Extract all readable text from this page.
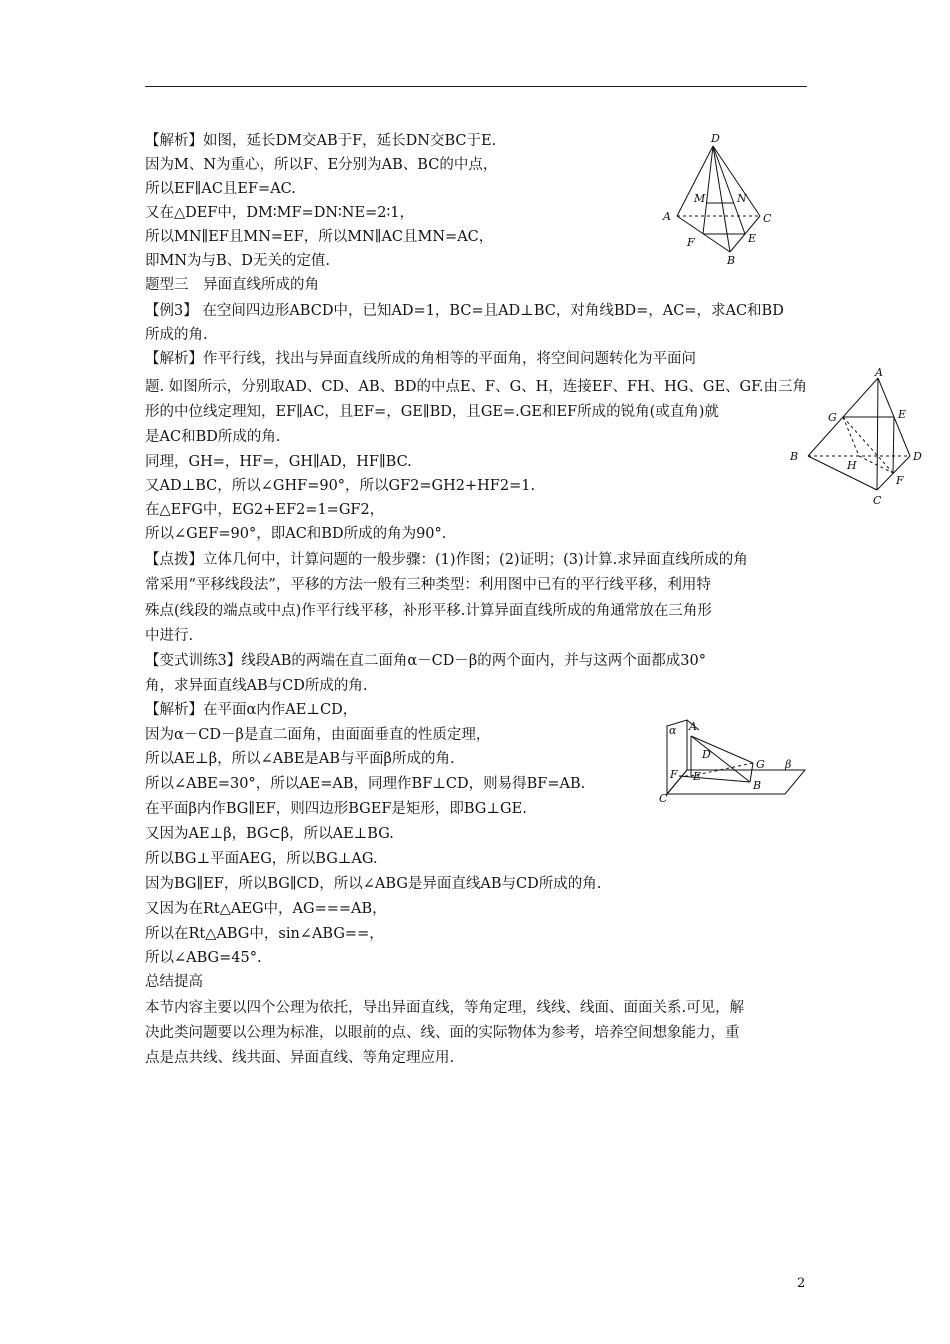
【解析】如图，延长DM交AB于F，延长DN交BC于E.
因为M、N为重心，所以F、E分别为AB、BC的中点，
所以EF∥AC且EF=AC.
又在△DEF中，DM∶MF=DN∶NE=2∶1，
所以MN∥EF且MN=EF，所以MN∥AC且MN=AC，
即MN为与B、D无关的定值.
题型三　异面直线所成的角
【例3】 在空间四边形ABCD中，已知AD=1，BC=且AD⊥BC，对角线BD=，AC=，求AC和BD
所成的角.
【解析】作平行线，找出与异面直线所成的角相等的平面角，将空间问题转化为平面问
题. 如图所示，分别取AD、CD、AB、BD的中点E、F、G、H，连接EF、FH、HG、GE、GF.由三角
形的中位线定理知，EF∥AC，且EF=，GE∥BD，且GE=.GE和EF所成的锐角(或直角)就
是AC和BD所成的角.
同理，GH=，HF=，GH∥AD，HF∥BC.
又AD⊥BC，所以∠GHF=90°，所以GF2=GH2+HF2=1.
在△EFG中，EG2+EF2=1=GF2，
所以∠GEF=90°，即AC和BD所成的角为90°.
【点拨】立体几何中，计算问题的一般步骤：(1)作图；(2)证明；(3)计算.求异面直线所成的角
常采用“平移线段法”，平移的方法一般有三种类型：利用图中已有的平行线平移，利用特
殊点(线段的端点或中点)作平行线平移，补形平移.计算异面直线所成的角通常放在三角形
中进行.
【变式训练3】线段AB的两端在直二面角α－CD－β的两个面内，并与这两个面都成30°
角，求异面直线AB与CD所成的角.
【解析】在平面α内作AE⊥CD，
因为α－CD－β是直二面角，由面面垂直的性质定理，
所以AE⊥β，所以∠ABE是AB与平面β所成的角.
所以∠ABE=30°，所以AE=AB，同理作BF⊥CD，则易得BF=AB.
在平面β内作BG∥EF，则四边形BGEF是矩形，即BG⊥GE.
又因为AE⊥β，BG⊂β，所以AE⊥BG.
所以BG⊥平面AEG，所以BG⊥AG.
因为BG∥EF，所以BG∥CD，所以∠ABG是异面直线AB与CD所成的角.
又因为在Rt△AEG中，AG===AB，
所以在Rt△ABG中，sin∠ABG==，
所以∠ABG=45°.
总结提高
本节内容主要以四个公理为依托，导出异面直线，等角定理，线线、线面、面面关系.可见，解
决此类问题要以公理为标准，以眼前的点、线、面的实际物体为参考，培养空间想象能力，重
点是点共线、线共面、异面直线、等角定理应用.
D
M	N
A	C
F	E
B
A
G	E
B
H
D
F
C
A
α
D
E
F
G β
B
C
2
